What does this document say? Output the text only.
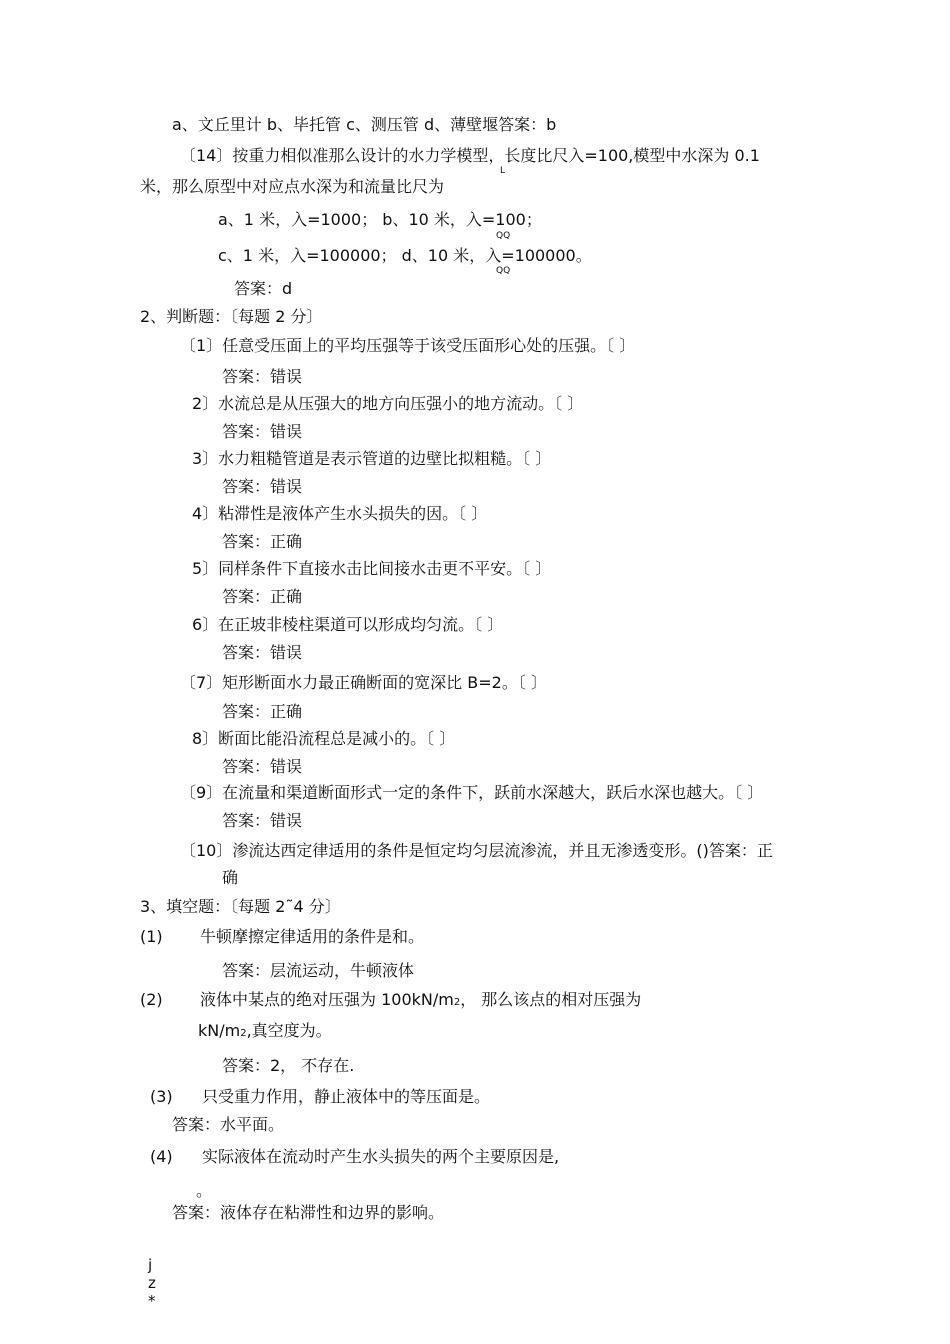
a、文丘里计 b、毕托管 c、测压管 d、薄壁堰答案：b
〔14〕按重力相似准那么设计的水力学模型，长度比尺入=100,模型中水深为 0.1
L
米，那么原型中对应点水深为和流量比尺为
a、1 米，入=1000； b、10 米，入=100；
QQ
c、1 米，入=100000； d、10 米，入=100000。
QQ
答案：d
2、判断题：〔每题 2 分〕
〔1〕任意受压面上的平均压强等于该受压面形心处的压强。〔 〕
答案：错误
2〕水流总是从压强大的地方向压强小的地方流动。〔 〕
答案：错误
3〕水力粗糙管道是表示管道的边壁比拟粗糙。〔 〕
答案：错误
4〕粘滞性是液体产生水头损失的因。〔 〕
答案：正确
5〕同样条件下直接水击比间接水击更不平安。〔 〕
答案：正确
6〕在正坡非棱柱渠道可以形成均匀流。〔 〕
答案：错误
〔7〕矩形断面水力最正确断面的宽深比 B=2。〔 〕
答案：正确
8〕断面比能沿流程总是减小的。〔 〕
答案：错误
〔9〕在流量和渠道断面形式一定的条件下，跃前水深越大，跃后水深也越大。〔 〕
答案：错误
〔10〕渗流达西定律适用的条件是恒定均匀层流渗流，并且无渗透变形。()答案：正
确
3、填空题：〔每题 2˜4 分〕
(1) 牛顿摩擦定律适用的条件是和。
答案：层流运动，牛顿液体
(2) 液体中某点的绝对压强为 100kN/m2， 那么该点的相对压强为
kN/m2,真空度为。
答案：2， 不存在.
(3) 只受重力作用，静止液体中的等压面是。
答案：水平面。
(4) 实际液体在流动时产生水头损失的两个主要原因是,
。
答案：液体存在粘滞性和边界的影响。
j
z
*
